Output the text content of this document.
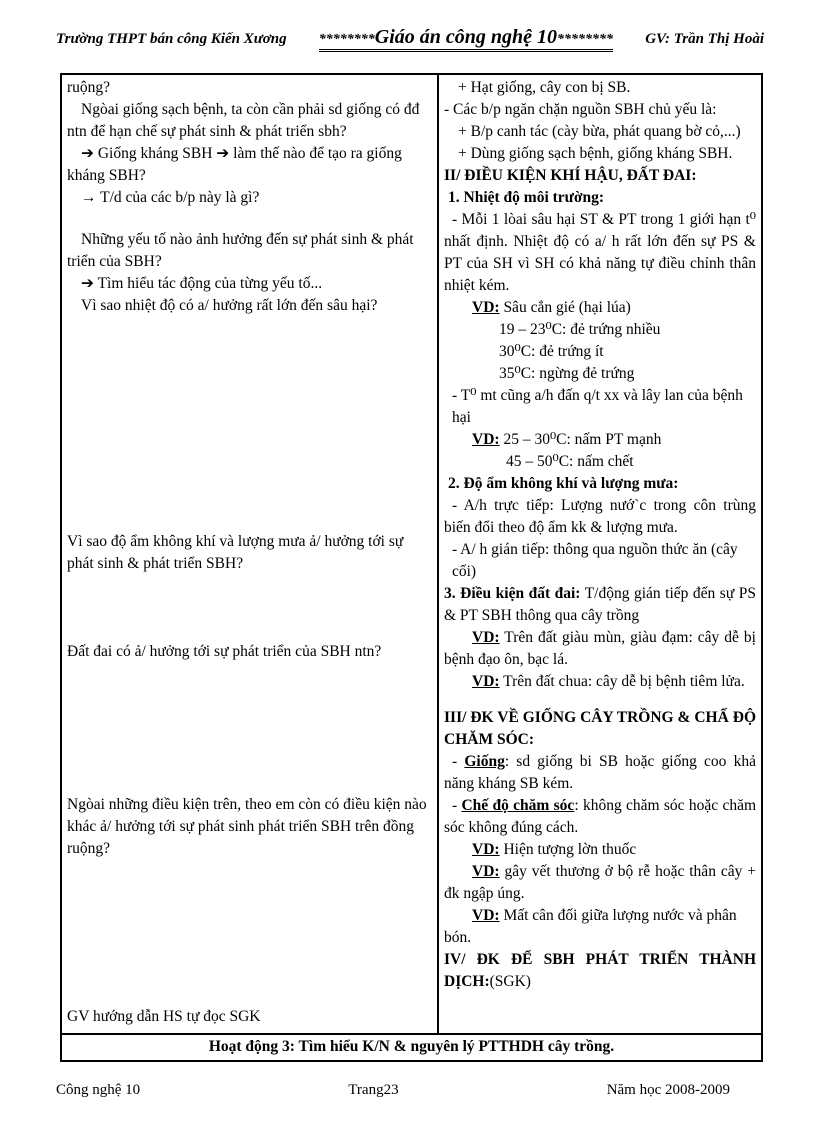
Trường THPT bán công Kiến Xương ********Giáo án công nghệ 10******** GV: Trần Thị Hoài

ruộng?

Ngòai giống sạch bệnh, ta còn cần phải sd giống có đđ ntn để hạn chế sự phát sinh & phát triển sbh?

➔ Giống kháng SBH ➔ làm thế nào để tạo ra giống kháng SBH?

→ T/d của các b/p này là gì?

Những yếu tố nào ảnh hưởng đến sự phát sinh & phát triển của SBH?

➔ Tìm hiểu tác động của từng yếu tố...

Vì sao nhiệt độ có a/ hưởng rất lớn đến sâu hại?

Vì sao độ ẩm không khí và lượng mưa ả/ hưởng tới sự phát sinh & phát triển SBH?

Đất đai có ả/ hưởng tới sự phát triển của SBH ntn?

Ngòai những điều kiện trên, theo em còn có điều kiện nào khác ả/ hưởng tới sự phát sinh phát triển SBH trên đồng ruộng?

GV hướng dẫn HS tự đọc SGK

+ Hạt giống, cây con bị SB.

- Các b/p ngăn chặn nguồn SBH chủ yếu là:

+ B/p canh tác (cày bừa, phát quang bờ cỏ,...)

+ Dùng giống sạch bệnh, giống kháng SBH.

II/ ĐIỀU KIỆN KHÍ HẬU, ĐẤT ĐAI:

1. Nhiệt độ môi trường:

- Mỗi 1 lòai sâu hại ST & PT trong 1 giới hạn t⁰ nhất định. Nhiệt độ có a/ h rất lớn đến sự PS & PT của SH vì SH có khả năng tự điều chỉnh thân nhiệt kém.

VD: Sâu cắn gié (hại lúa)

19 – 23⁰C: đẻ trứng nhiều

30⁰C: đẻ trứng ít

35⁰C: ngừng đẻ trứng

- T⁰ mt cũng a/h đấn q/t xx và lây lan của bệnh hại

VD: 25 – 30⁰C: nấm PT mạnh

45 – 50⁰C: nấm chết

2. Độ ẩm không khí và lượng mưa:

- A/h trực tiếp: Lượng nướ`c trong côn trùng biến đổi theo độ ẩm kk & lượng mưa.

- A/ h gián tiếp: thông qua nguồn thức ăn (cây cối)

3. Điều kiện đất đai: T/động gián tiếp đến sự PS & PT SBH thông qua cây trồng

VD: Trên đất giàu mùn, giàu đạm: cây dễ bị bệnh đạo ôn, bạc lá.

VD: Trên đất chua: cây dễ bị bệnh tiêm lửa.

III/ ĐK VỀ GIỐNG CÂY TRỒNG & CHẤ ĐỘ CHĂM SÓC:

- Giống: sd giống bi SB hoặc giống coo khả năng kháng SB kém.

- Chế độ chăm sóc: không chăm sóc hoặc chăm sóc không đúng cách.

VD: Hiện tượng lờn thuốc

VD: gây vết thương ở bộ rễ hoặc thân cây + đk ngập úng.

VD: Mất cân đối giữa lượng nước và phân bón.

IV/ ĐK ĐỂ SBH PHÁT TRIỂN THÀNH DỊCH:(SGK)

Hoạt động 3: Tìm hiểu K/N & nguyên lý PTTHDH cây trồng.
Công nghệ 10	Trang23	Năm học 2008-2009
